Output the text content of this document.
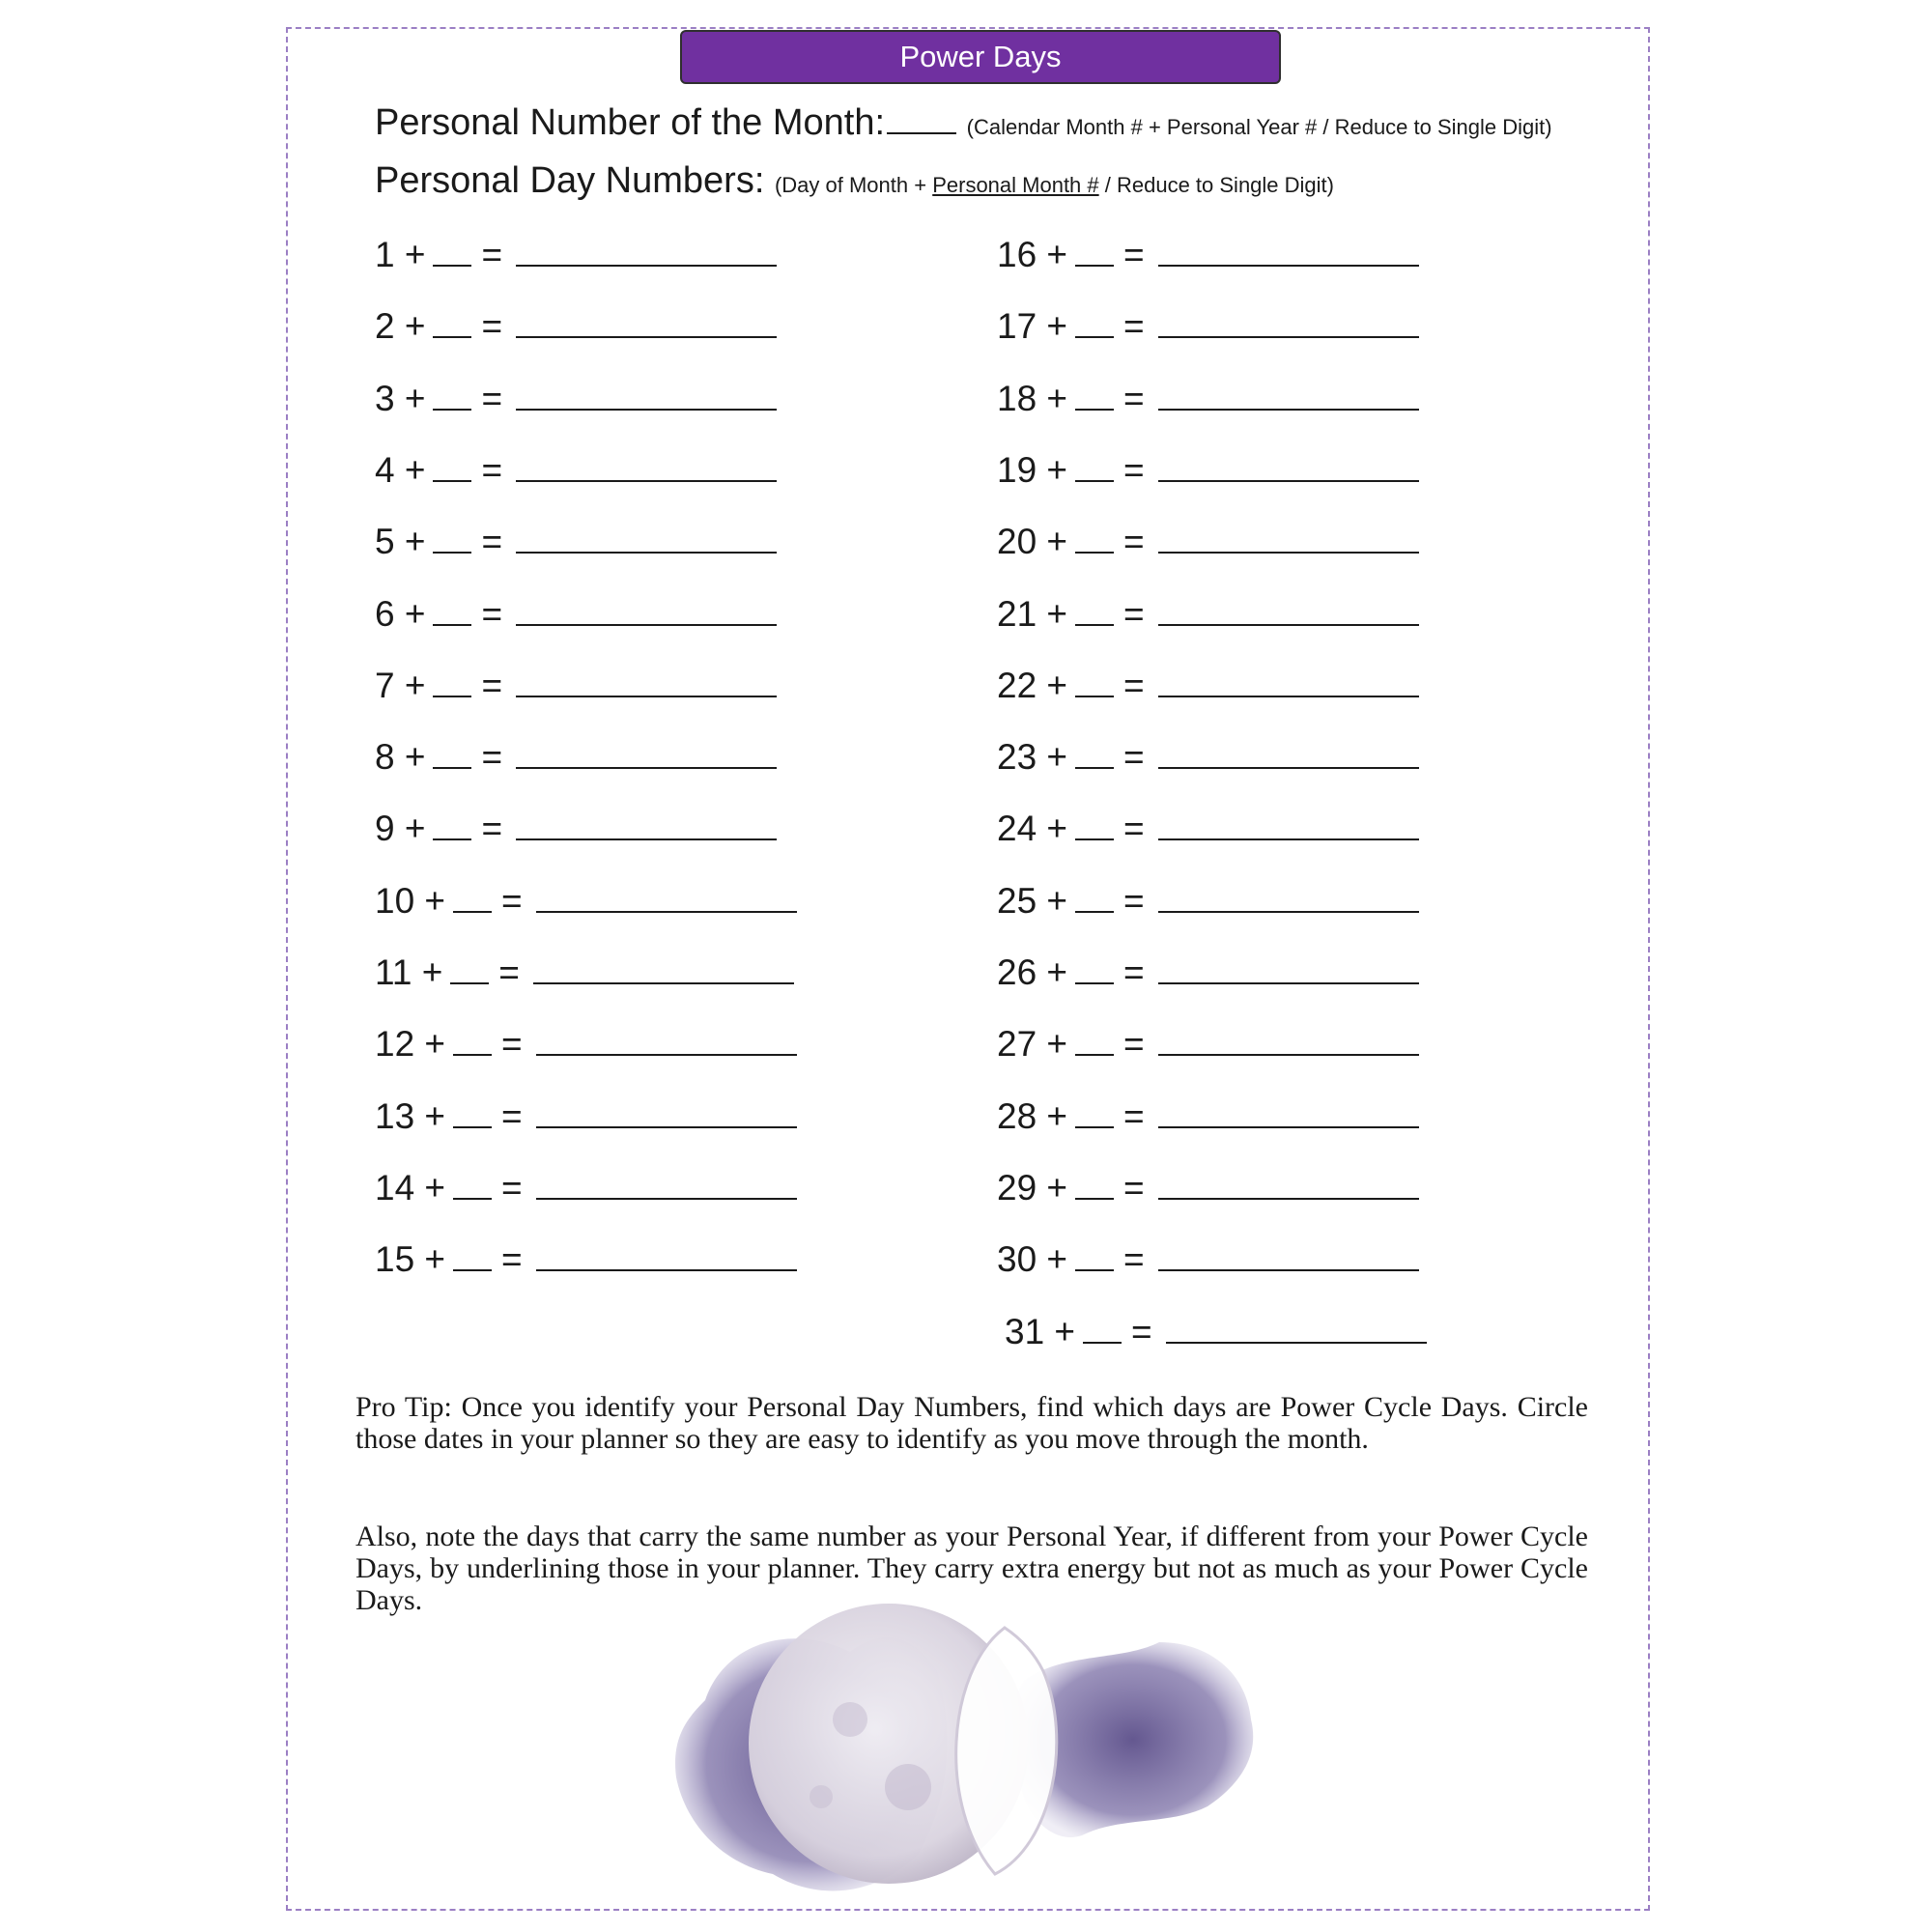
Power Days
Personal Number of the Month:	(Calendar Month # + Personal Year # / Reduce to Single Digit)
Personal Day Numbers: (Day of Month + Personal Month # / Reduce to Single Digit)
1 + =
2 + =
3 + =
4 + =
5 + =
6 + =
7 + =
8 + =
9 + =
10 + =
11 + =
12 + =
13 + =
14 + =
15 + =
16 + =
17 + =
18 + =
19 + =
20 + =
21 + =
22 + =
23 + =
24 + =
25 + =
26 + =
27 + =
28 + =
29 + =
30 + =
31 + =
Pro Tip: Once you identify your Personal Day Numbers, find which days are Power Cycle Days. Circle those dates in your planner so they are easy to identify as you move through the month.
Also, note the days that carry the same number as your Personal Year, if different from your Power Cycle Days, by underlining those in your planner. They carry extra energy but not as much as your Power Cycle Days.
